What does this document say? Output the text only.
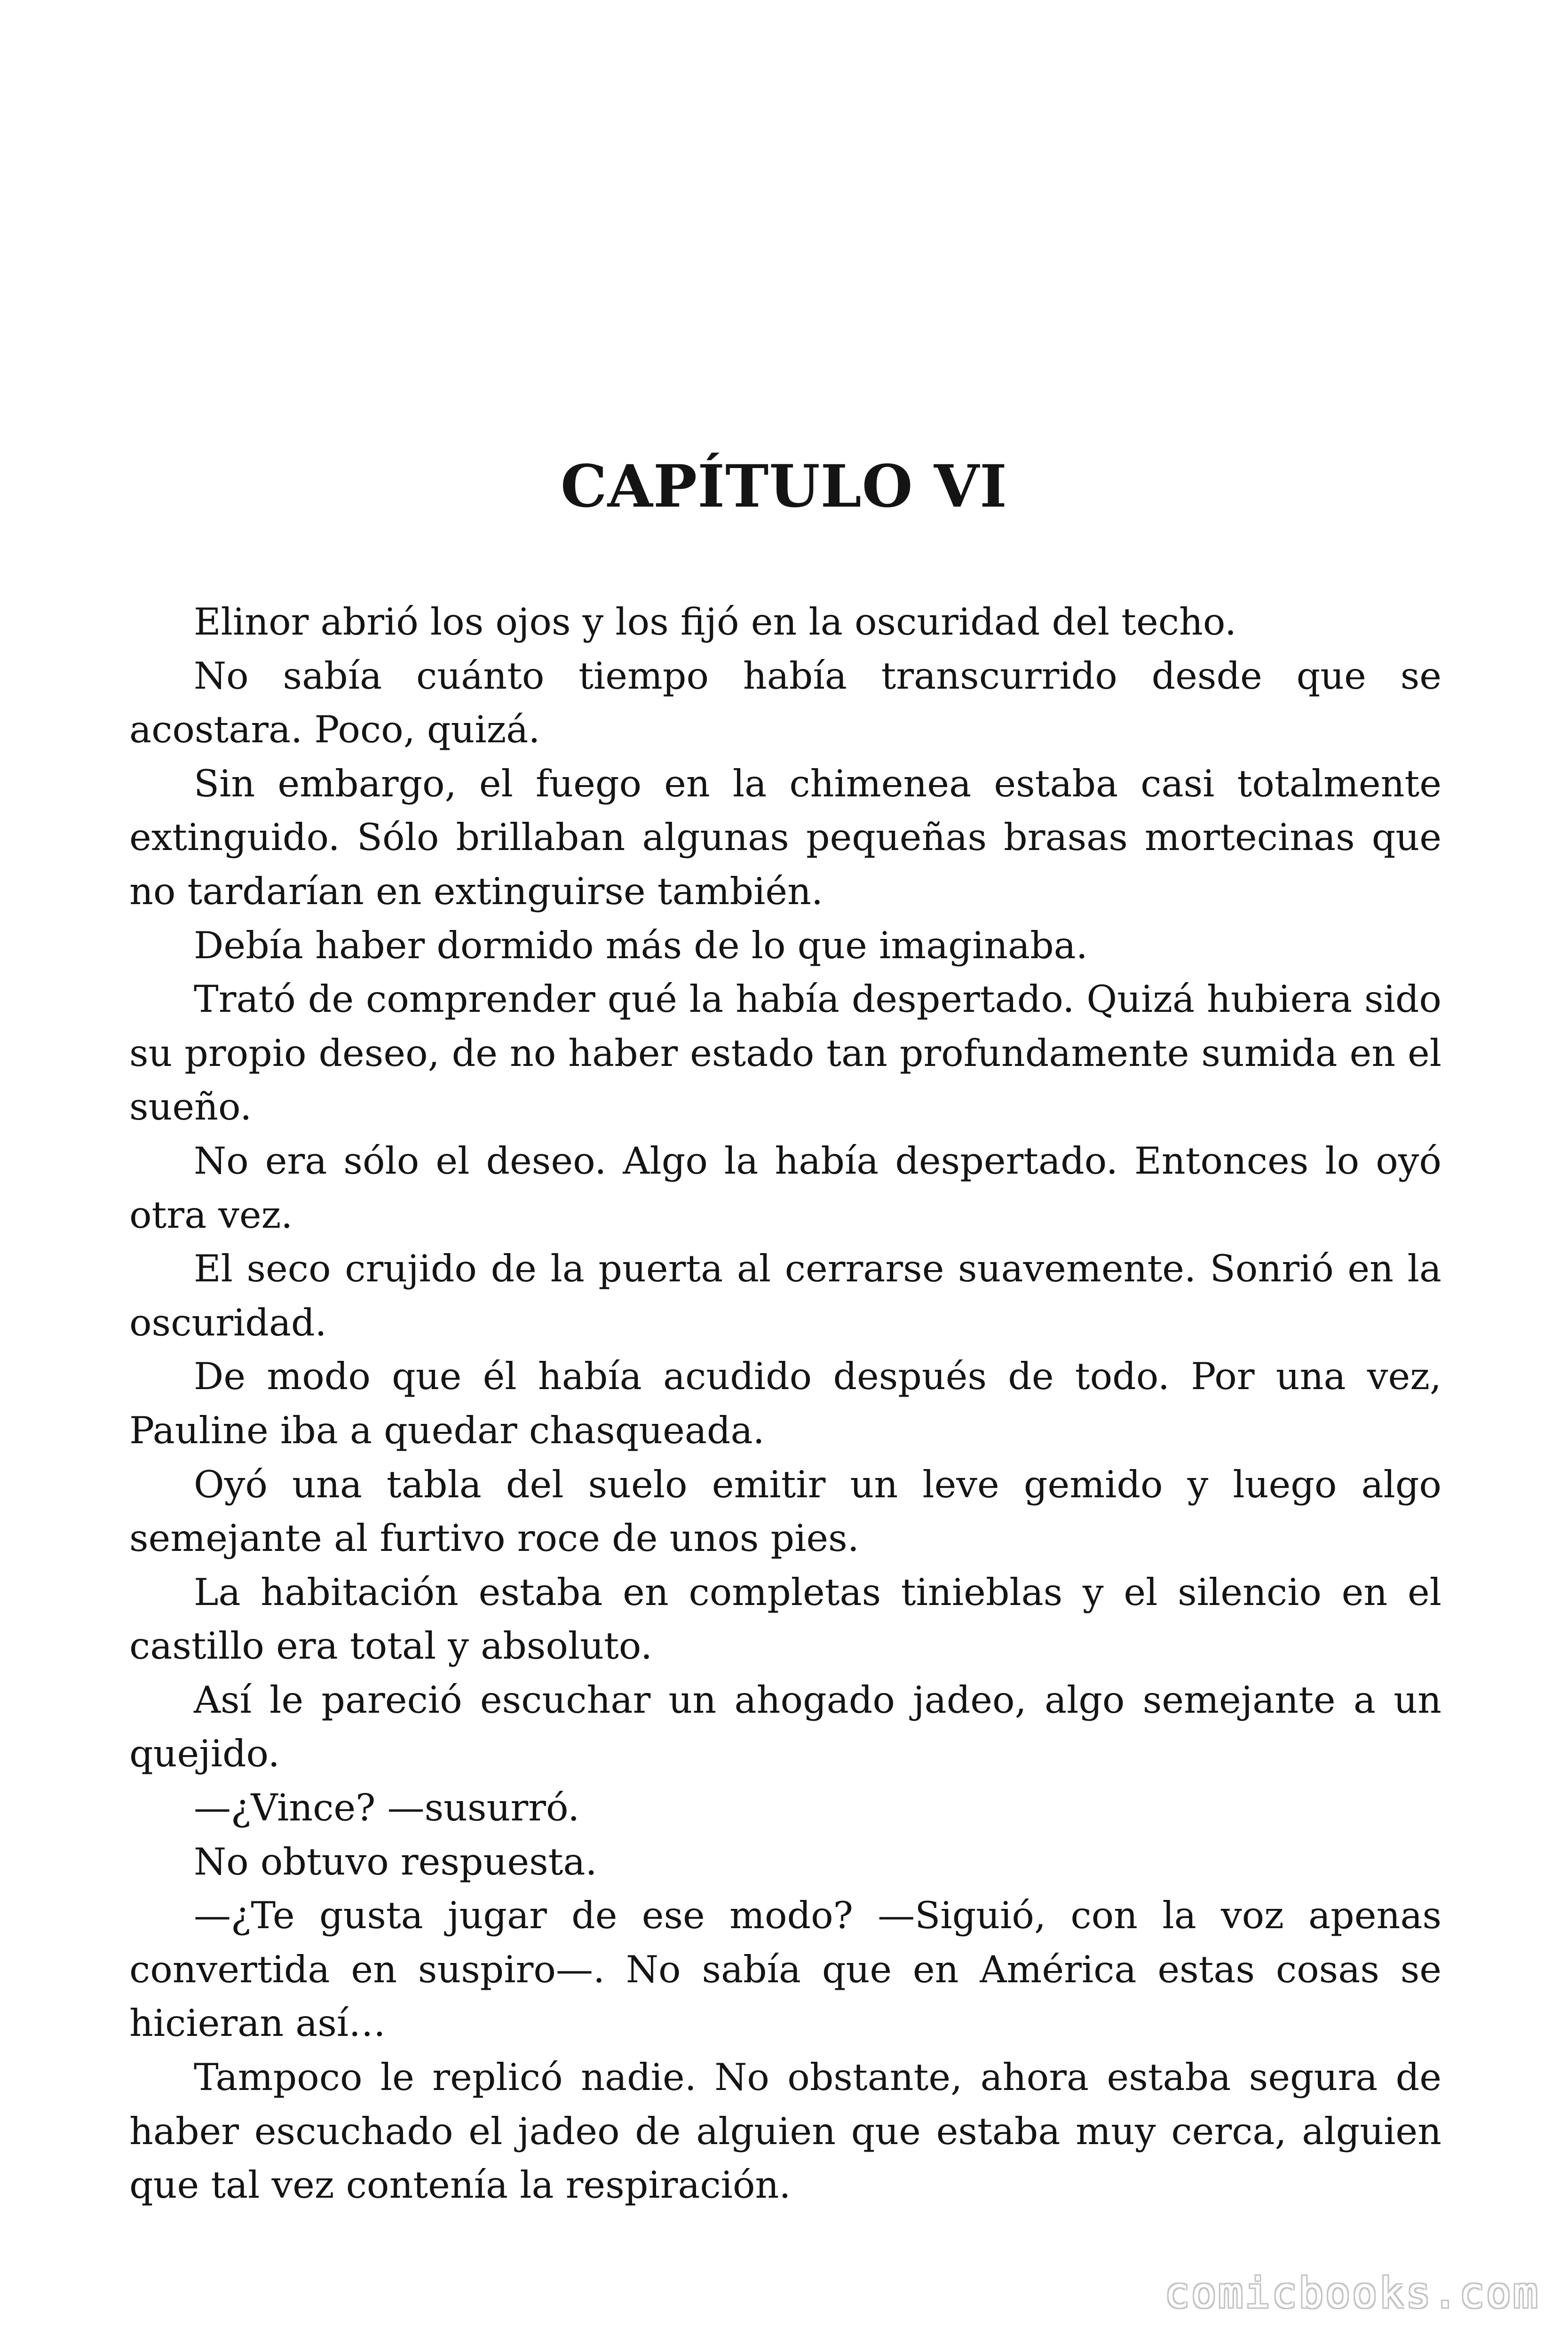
CAPÍTULO VI

Elinor abrió los ojos y los fijó en la oscuridad del techo.

No sabía cuánto tiempo había transcurrido desde que se acostara. Poco, quizá.

Sin embargo, el fuego en la chimenea estaba casi totalmente extinguido. Sólo brillaban algunas pequeñas brasas mortecinas que no tardarían en extinguirse también.

Debía haber dormido más de lo que imaginaba.

Trató de comprender qué la había despertado. Quizá hubiera sido su propio deseo, de no haber estado tan profundamente sumida en el sueño.

No era sólo el deseo. Algo la había despertado. Entonces lo oyó otra vez.

El seco crujido de la puerta al cerrarse suavemente. Sonrió en la oscuridad.

De modo que él había acudido después de todo. Por una vez, Pauline iba a quedar chasqueada.

Oyó una tabla del suelo emitir un leve gemido y luego algo semejante al furtivo roce de unos pies.

La habitación estaba en completas tinieblas y el silencio en el castillo era total y absoluto.

Así le pareció escuchar un ahogado jadeo, algo semejante a un quejido.

—¿Vince? —susurró.

No obtuvo respuesta.

—¿Te gusta jugar de ese modo? —Siguió, con la voz apenas convertida en suspiro—. No sabía que en América estas cosas se hicieran así…

Tampoco le replicó nadie. No obstante, ahora estaba segura de haber escuchado el jadeo de alguien que estaba muy cerca, alguien que tal vez contenía la respiración.

comicbooks.com
